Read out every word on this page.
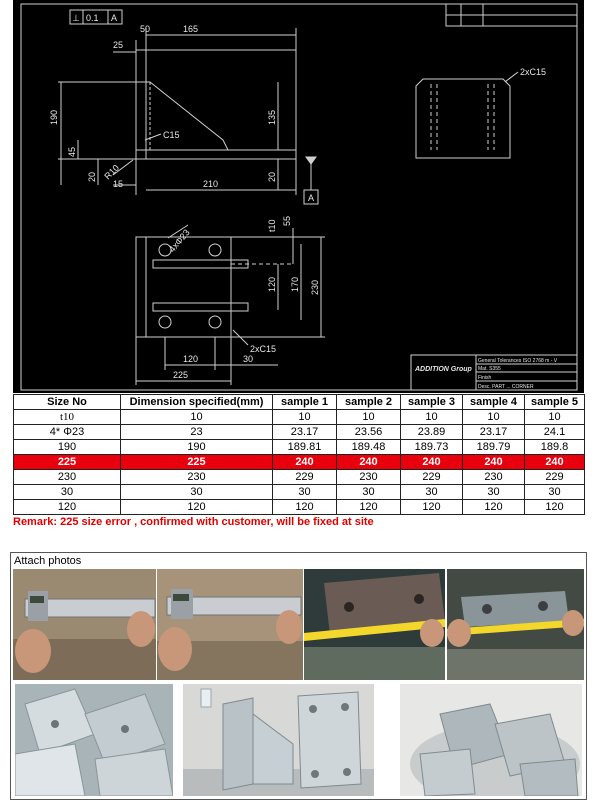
⊥ 0.1 A
50	165
25
190	135
C15
45
20 R10
15	210
20
A
2xC15
4xΦ23
t10 55
120 170 230
2xC15
120	30
225
ADDITION Group
General Tolerances ISO 2768 m - V
Mat. S355
Finish
Desc. PART ... CORNER
Size No	Dimension specified(mm)	sample 1	sample 2	sample 3	sample 4	sample 5
t10	10	10	10	10	10	10
4* Φ23	23	23.17	23.56	23.89	23.17	24.1
190	190	189.81	189.48	189.73	189.79	189.8
225	225	240	240	240	240	240
230	230	229	230	229	230	229
30	30	30	30	30	30	30
120	120	120	120	120	120	120
Remark: 225 size error , confirmed with customer, will be fixed at site
Attach photos
